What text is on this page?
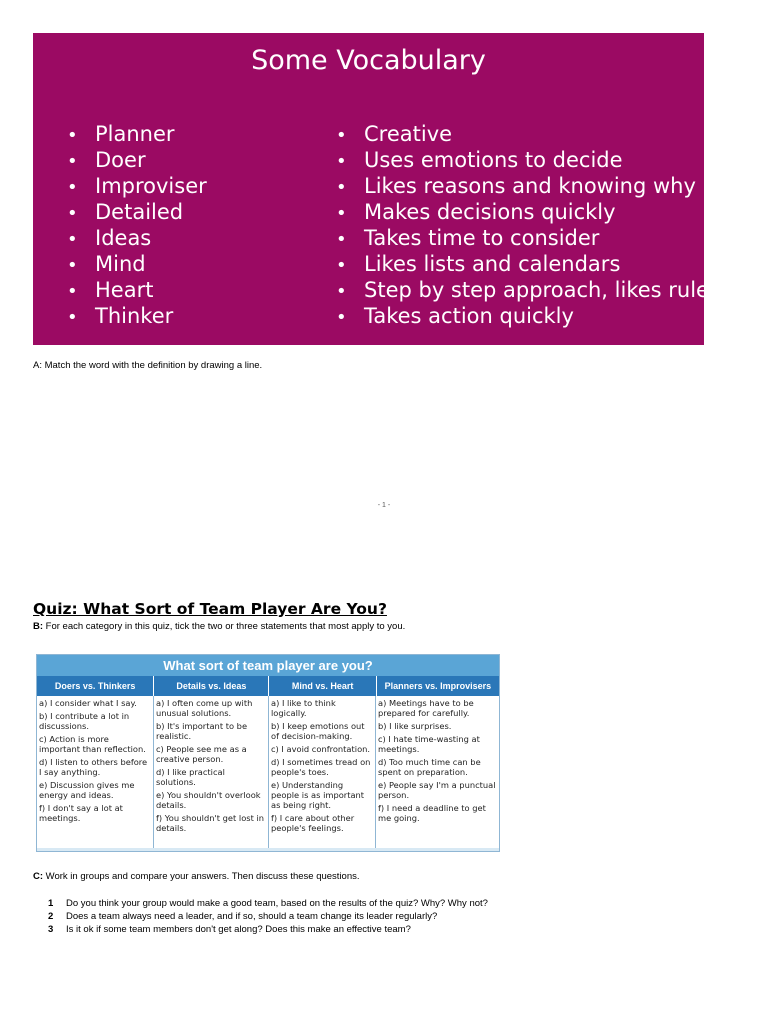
Some Vocabulary
• Planner
• Doer
• Improviser
• Detailed
• Ideas
• Mind
• Heart
• Thinker
• Creative
• Uses emotions to decide
• Likes reasons and knowing why
• Makes decisions quickly
• Takes time to consider
• Likes lists and calendars
• Step by step approach, likes rules
• Takes action quickly
A: Match the word with the definition by drawing a line.
- 1 -
Quiz: What Sort of Team Player Are You?
B: For each category in this quiz, tick the two or three statements that most apply to you.
What sort of team player are you?
Doers vs. Thinkers	Details vs. Ideas	Mind vs. Heart	Planners vs. Improvisers
a) I consider what I say.
b) I contribute a lot in discussions.
c) Action is more important than reflection.
d) I listen to others before I say anything.
e) Discussion gives me energy and ideas.
f) I don't say a lot at meetings.
a) I often come up with unusual solutions.
b) It's important to be realistic.
c) People see me as a creative person.
d) I like practical solutions.
e) You shouldn't overlook details.
f) You shouldn't get lost in details.
a) I like to think logically.
b) I keep emotions out of decision-making.
c) I avoid confrontation.
d) I sometimes tread on people's toes.
e) Understanding people is as important as being right.
f) I care about other people's feelings.
a) Meetings have to be prepared for carefully.
b) I like surprises.
c) I hate time-wasting at meetings.
d) Too much time can be spent on preparation.
e) People say I'm a punctual person.
f) I need a deadline to get me going.
C: Work in groups and compare your answers. Then discuss these questions.
1 Do you think your group would make a good team, based on the results of the quiz? Why? Why not?
2 Does a team always need a leader, and if so, should a team change its leader regularly?
3 Is it ok if some team members don't get along? Does this make an effective team?
